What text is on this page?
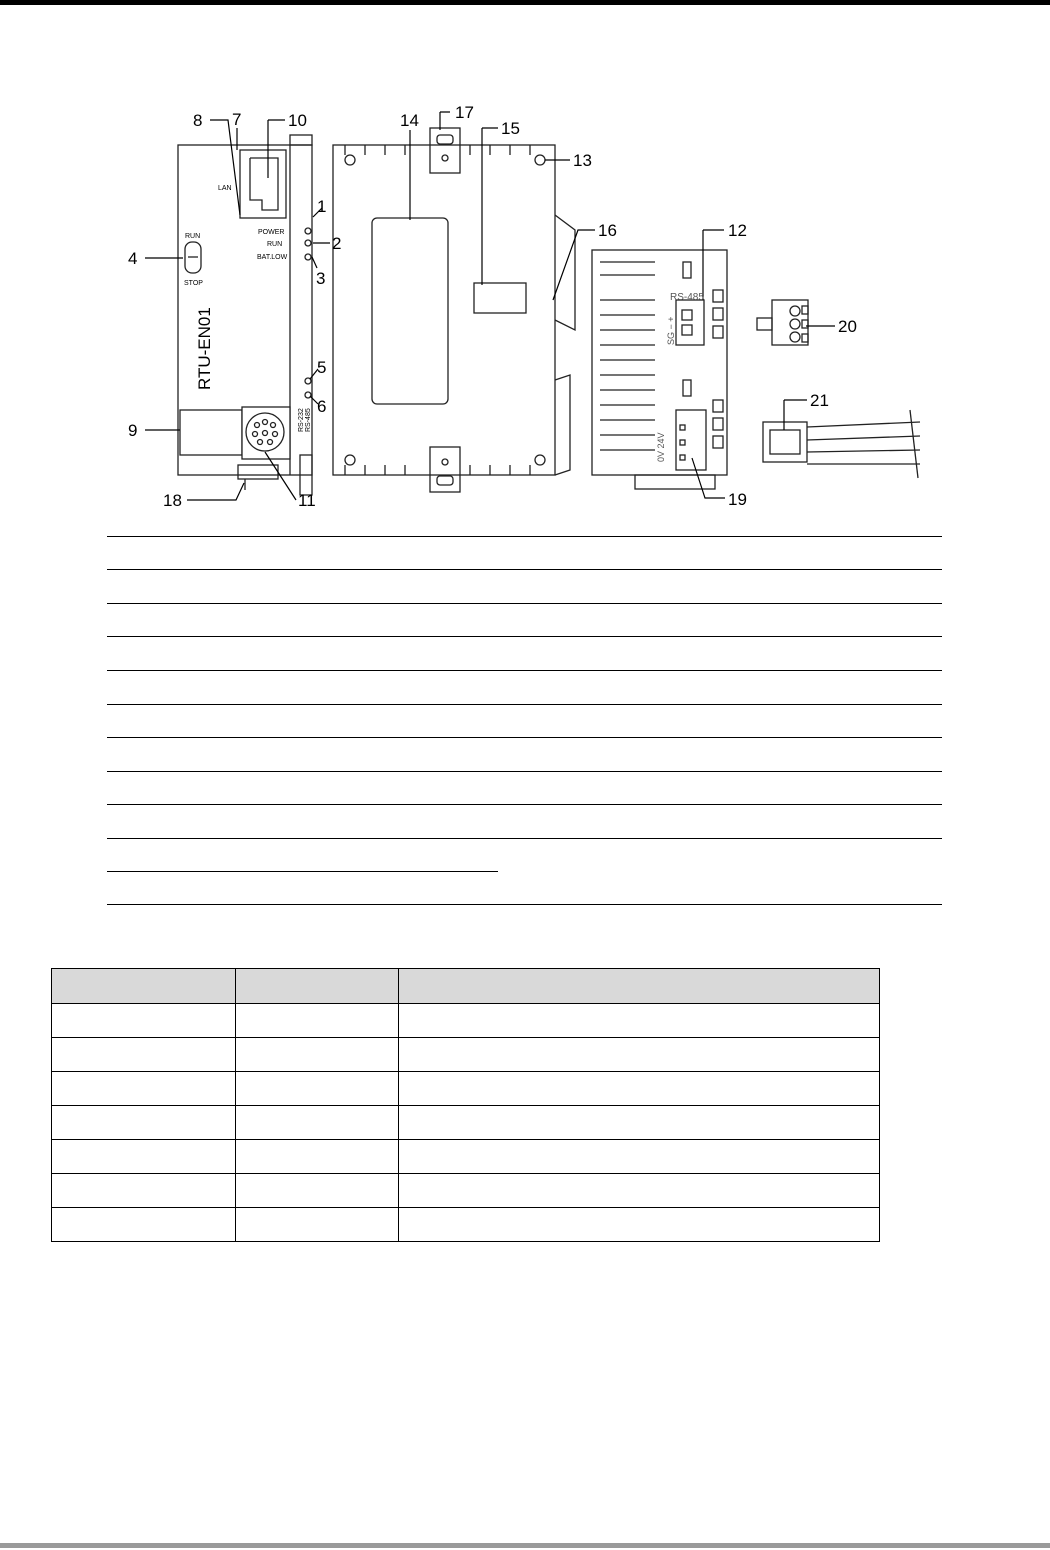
LAN
POWER
RUN
BAT.LOW
RUN
STOP
RTU-EN01
RS-232 RS-485
RS-485
SG − +
0V 24V
1
2
3
4
5
6
7
8
9
10
11
12
13
14	15
16
17
18	19
20
21
